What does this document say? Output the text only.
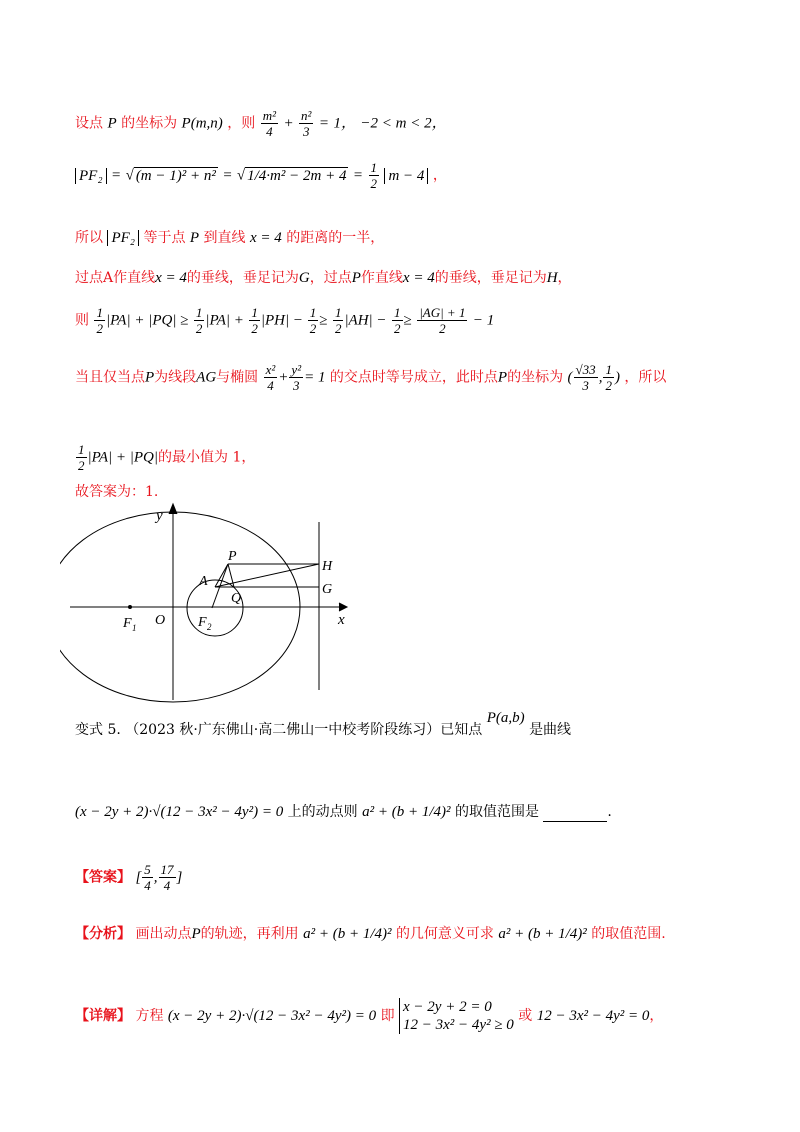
设点 P 的坐标为 P(m,n) ，则 $\frac{\text{m²}}{4} + \frac{\text{n²}}{3} = 1$， −2 < m < 2，
PF₂ = √ (m − 1)² + n² = √ $1/4\cdot m^2 - 2m + 4 = \frac{1}{2}$ m − 4 ，
所以 PF₂ 等于点 P 到直线 x = 4 的距离的一半，
过点A作直线x = 4的垂线，垂足记为G，过点P作直线x = 4的垂线，垂足记为H，
则 $\frac{1}{2} |PA| + |PQ| \ge \frac{1}{2} |PA| + \frac{1}{2} |PH| - \frac{1}{2} \ge \frac{1}{2} |AH| - \frac{1}{2} \ge \frac{|AG| + 1}{2} - 1$
当且仅当点P为线段AG与椭圆 $\frac{\text{x²}}{4} + \frac{\text{y²}}{3} = 1$ 的交点时等号成立，此时点P的坐标为 ( $\frac{√33}{3}$ , $\frac{1}{2}$ ) ，所以
$\frac{1}{2} |PA| + |PQ|$的最小值为 1，
故答案为：1.
y
x
O
F 1	F 2
P
A
Q
H
G
变式 5. （2023 秋·广东佛山·高二佛山一中校考阶段练习）已知点 P(a,b) 是曲线
(x − 2y + 2)·√(12 − 3x² − 4y²) = 0 上的动点则 a² + (b + 1/4)² 的取值范围是	.
【答案】 [ $\frac{5}{4}$ , $\frac{17}{4}$ ]
【分析】 画出动点P的轨迹，再利用 a² + (b + 1/4)² 的几何意义可求 a² + (b + 1/4)² 的取值范围.
【详解】 方程 (x − 2y + 2)·√(12 − 3x² − 4y²) = 0 即
x − 2y + 2 = 0
12 − 3x² − 4y² ≥ 0
或 12 − 3x² − 4y² = 0，
